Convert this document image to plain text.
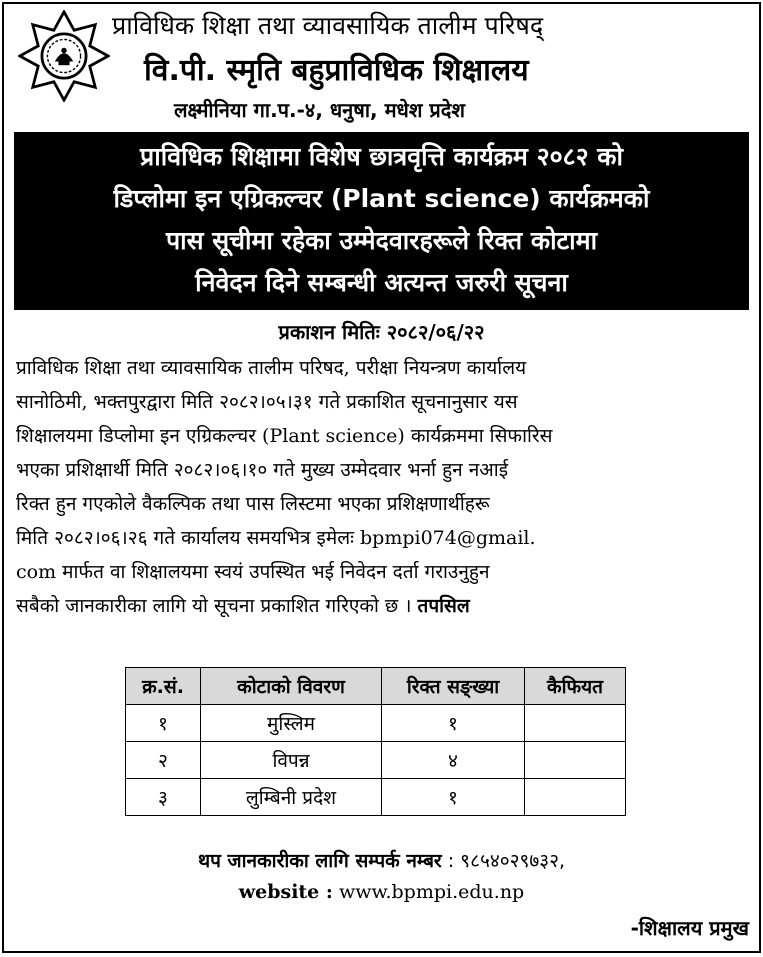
प्राविधिक शिक्षा तथा व्यावसायिक तालीम परिषद्
वि.पी. स्मृति बहुप्राविधिक शिक्षालय
लक्ष्मीनिया गा.प.-४, धनुषा, मधेश प्रदेश
प्राविधिक शिक्षामा विशेष छात्रवृत्ति कार्यक्रम २०८२ को
डिप्लोमा इन एग्रिकल्चर (Plant science) कार्यक्रमको
पास सूचीमा रहेका उम्मेदवारहरूले रिक्त कोटामा
निवेदन दिने सम्बन्धी अत्यन्त जरुरी सूचना
प्रकाशन मितिः २०८२/०६/२२
प्राविधिक शिक्षा तथा व्यावसायिक तालीम परिषद, परीक्षा नियन्त्रण कार्यालय
सानोठिमी, भक्तपुरद्वारा मिति २०८२।०५।३१ गते प्रकाशित सूचनानुसार यस
शिक्षालयमा डिप्लोमा इन एग्रिकल्चर (Plant science) कार्यक्रममा सिफारिस
भएका प्रशिक्षार्थी मिति २०८२।०६।१० गते मुख्य उम्मेदवार भर्ना हुन नआई
रिक्त हुन गएकोले वैकल्पिक तथा पास लिस्टमा भएका प्रशिक्षणार्थीहरू
मिति २०८२।०६।२६ गते कार्यालय समयभित्र इमेलः bpmpi074@gmail.
com मार्फत वा शिक्षालयमा स्वयं उपस्थित भई निवेदन दर्ता गराउनुहुन
सबैको जानकारीका लागि यो सूचना प्रकाशित गरिएको छ । तपसिल
क्र.सं.	कोटाको विवरण	रिक्त सङ्ख्या	कैफियत
१	मुस्लिम	१	
२	विपन्न	४	
३	लुम्बिनी प्रदेश	१	
थप जानकारीका लागि सम्पर्क नम्बर : ९८५४०२९७३२,
website : www.bpmpi.edu.np
-शिक्षालय प्रमुख
